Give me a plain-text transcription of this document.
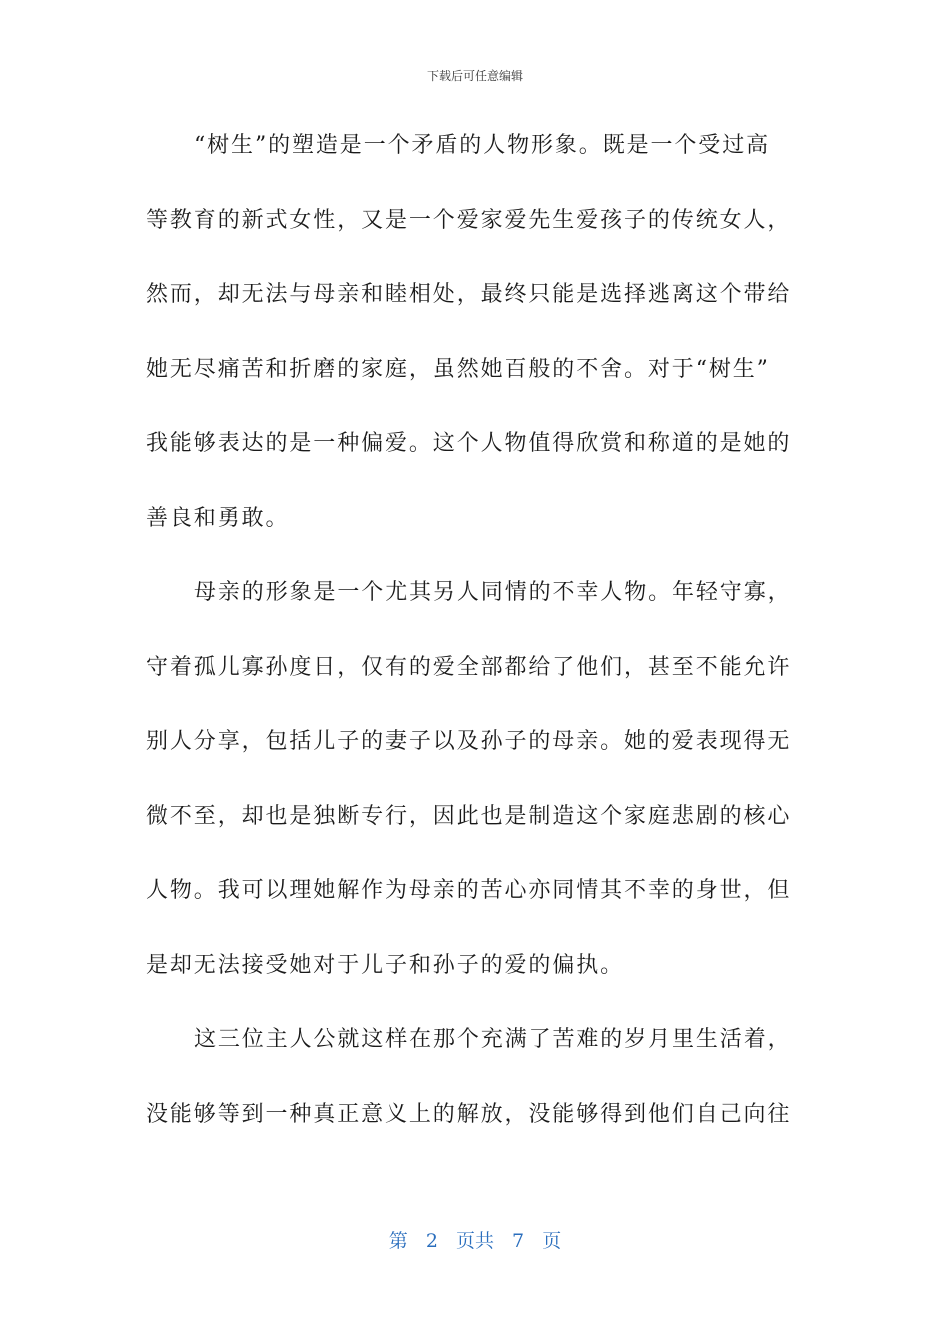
下载后可任意编辑
“树生”的塑造是一个矛盾的人物形象。既是一个受过高
等教育的新式女性，又是一个爱家爱先生爱孩子的传统女人，
然而，却无法与母亲和睦相处，最终只能是选择逃离这个带给
她无尽痛苦和折磨的家庭，虽然她百般的不舍。对于“树生”
我能够表达的是一种偏爱。这个人物值得欣赏和称道的是她的
善良和勇敢。
母亲的形象是一个尤其另人同情的不幸人物。年轻守寡，
守着孤儿寡孙度日，仅有的爱全部都给了他们，甚至不能允许
别人分享，包括儿子的妻子以及孙子的母亲。她的爱表现得无
微不至，却也是独断专行，因此也是制造这个家庭悲剧的核心
人物。我可以理她解作为母亲的苦心亦同情其不幸的身世，但
是却无法接受她对于儿子和孙子的爱的偏执。
这三位主人公就这样在那个充满了苦难的岁月里生活着，
没能够等到一种真正意义上的解放，没能够得到他们自己向往
第 2 页共 7 页
